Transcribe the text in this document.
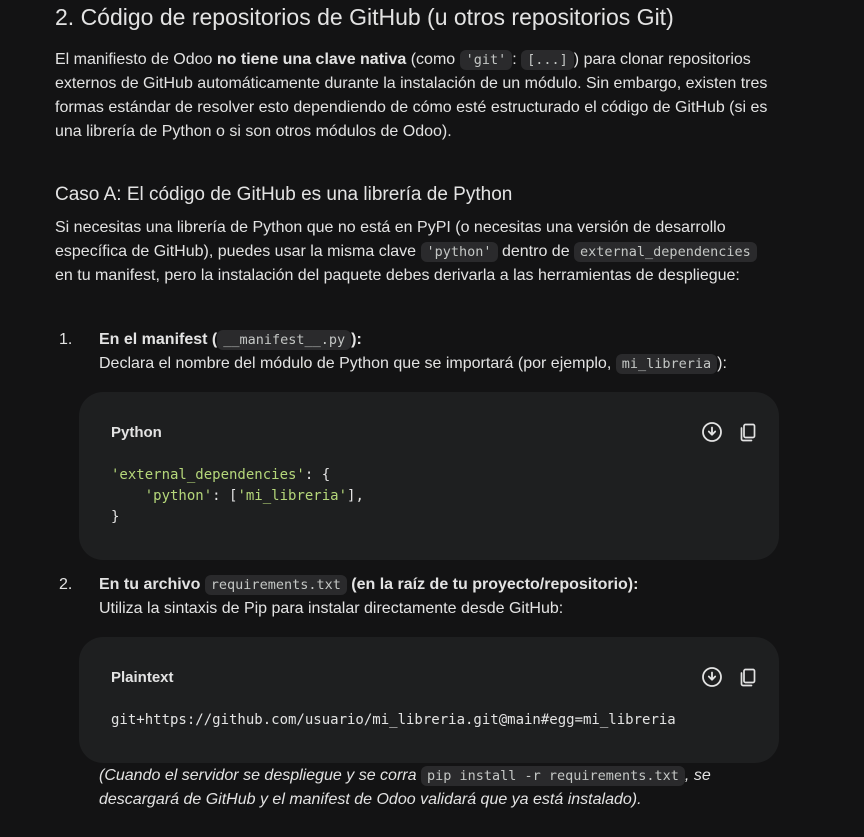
2. Código de repositorios de GitHub (u otros repositorios Git)

El manifiesto de Odoo no tiene una clave nativa (como 'git' : [...] ) para clonar repositorios externos de GitHub automáticamente durante la instalación de un módulo. Sin embargo, existen tres formas estándar de resolver esto dependiendo de cómo esté estructurado el código de GitHub (si es una librería de Python o si son otros módulos de Odoo).

Caso A: El código de GitHub es una librería de Python

Si necesitas una librería de Python que no está en PyPI (o necesitas una versión de desarrollo específica de GitHub), puedes usar la misma clave 'python' dentro de external_dependencies en tu manifest, pero la instalación del paquete debes derivarla a las herramientas de despliegue:

1. En el manifest ( __manifest__.py ):
Declara el nombre del módulo de Python que se importará (por ejemplo, mi_libreria ):
Python
'external_dependencies': {
'python': ['mi_libreria'],
}
2. En tu archivo requirements.txt (en la raíz de tu proyecto/repositorio):
Utiliza la sintaxis de Pip para instalar directamente desde GitHub:
Plaintext
git+https://github.com/usuario/mi_libreria.git@main#egg=mi_libreria
(Cuando el servidor se despliegue y se corra pip install -r requirements.txt , se descargará de GitHub y el manifest de Odoo validará que ya está instalado).
